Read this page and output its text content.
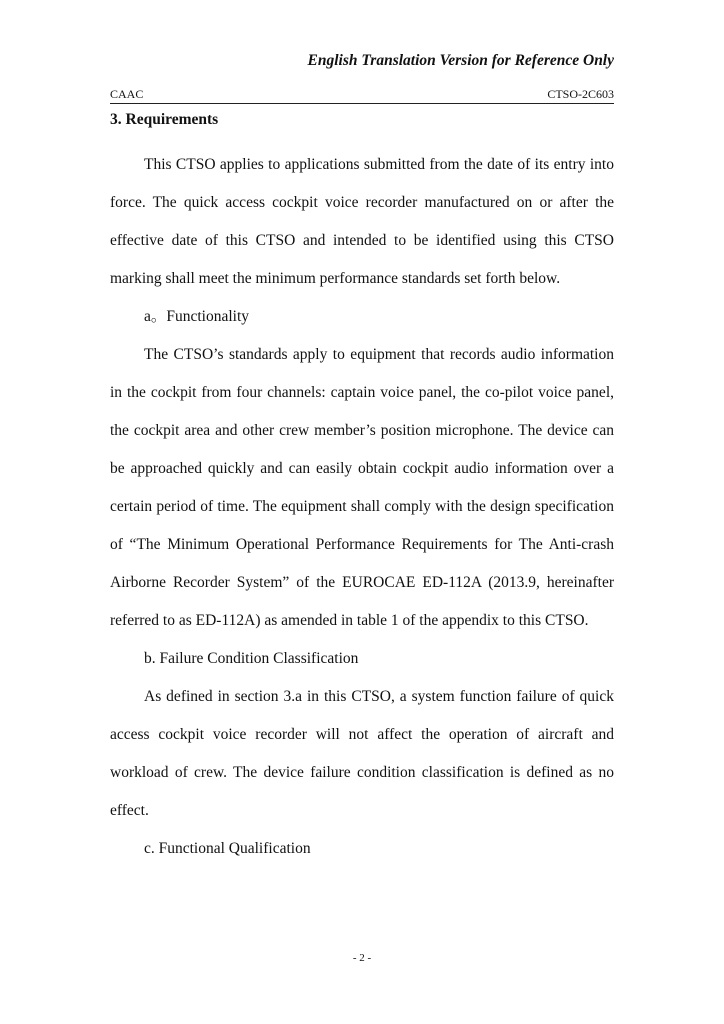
English Translation Version for Reference Only
CAAC	CTSO-2C603
3. Requirements

This CTSO applies to applications submitted from the date of its entry into force. The quick access cockpit voice recorder manufactured on or after the effective date of this CTSO and intended to be identified using this CTSO marking shall meet the minimum performance standards set forth below.

a。Functionality

The CTSO’s standards apply to equipment that records audio information in the cockpit from four channels: captain voice panel, the co-pilot voice panel, the cockpit area and other crew member’s position microphone. The device can be approached quickly and can easily obtain cockpit audio information over a certain period of time. The equipment shall comply with the design specification of “The Minimum Operational Performance Requirements for The Anti-crash Airborne Recorder System” of the EUROCAE ED-112A (2013.9, hereinafter referred to as ED-112A) as amended in table 1 of the appendix to this CTSO.

b. Failure Condition Classification

As defined in section 3.a in this CTSO, a system function failure of quick access cockpit voice recorder will not affect the operation of aircraft and workload of crew. The device failure condition classification is defined as no effect.

c. Functional Qualification

- 2 -
